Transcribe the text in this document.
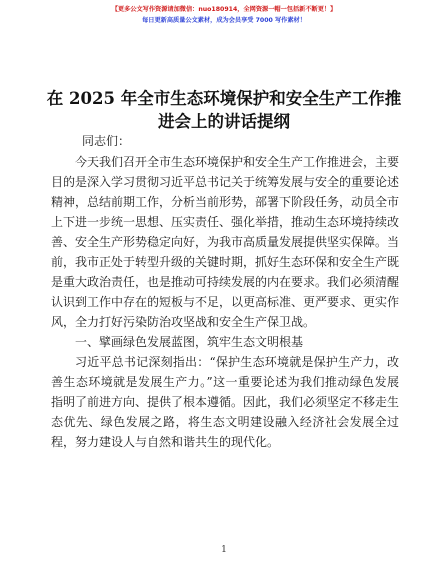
【更多公文写作资源请加微信：nuo180914，全网资源一帽一包括新不断更！】
每日更新高质量公文素材，成为会员享受 7000 写作素材！
在 2025 年全市生态环境保护和安全生产工作推进会上的讲话提纲
同志们：

今天我们召开全市生态环境保护和安全生产工作推进会，主要目的是深入学习贯彻习近平总书记关于统筹发展与安全的重要论述精神，总结前期工作，分析当前形势，部署下阶段任务，动员全市上下进一步统一思想、压实责任、强化举措，推动生态环境持续改善、安全生产形势稳定向好，为我市高质量发展提供坚实保障。当前，我市正处于转型升级的关键时期，抓好生态环保和安全生产既是重大政治责任，也是推动可持续发展的内在要求。我们必须清醒认识到工作中存在的短板与不足，以更高标准、更严要求、更实作风，全力打好污染防治攻坚战和安全生产保卫战。

一、擘画绿色发展蓝图，筑牢生态文明根基

习近平总书记深刻指出：“保护生态环境就是保护生产力，改善生态环境就是发展生产力。”这一重要论述为我们推动绿色发展指明了前进方向、提供了根本遵循。因此，我们必须坚定不移走生态优先、绿色发展之路，将生态文明建设融入经济社会发展全过程，努力建设人与自然和谐共生的现代化。

1
